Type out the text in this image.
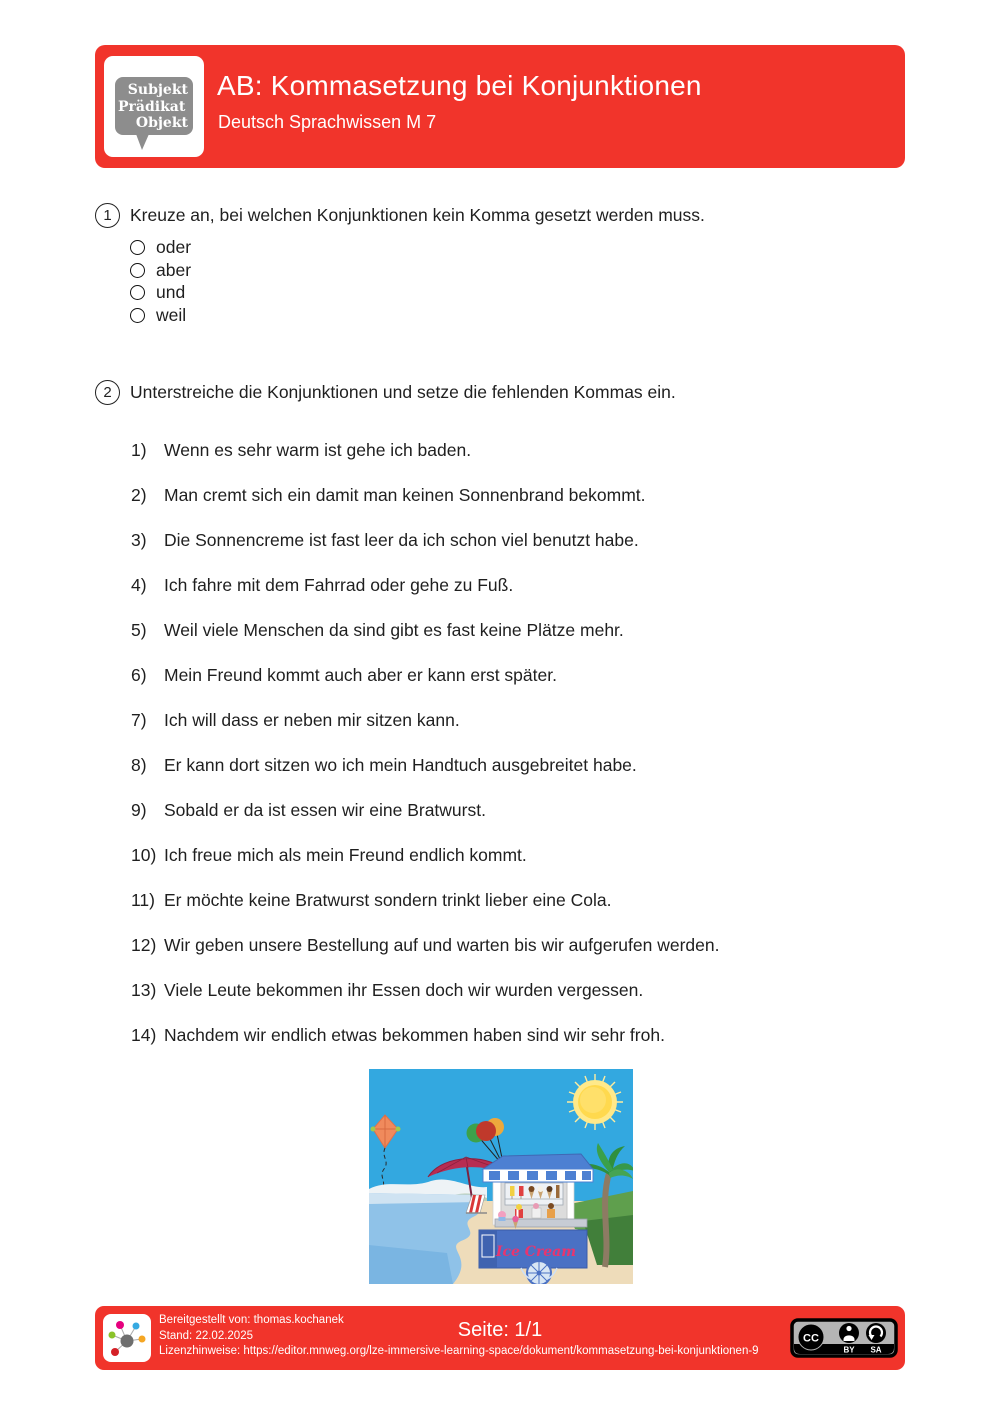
Subjekt
Prädikat
Objekt
AB: Kommasetzung bei Konjunktionen
Deutsch Sprachwissen M 7
1	Kreuze an, bei welchen Konjunktionen kein Komma gesetzt werden muss.
oder
aber
und
weil
2	Unterstreiche die Konjunktionen und setze die fehlenden Kommas ein.
1) Wenn es sehr warm ist gehe ich baden.
2) Man cremt sich ein damit man keinen Sonnenbrand bekommt.
3) Die Sonnencreme ist fast leer da ich schon viel benutzt habe.
4) Ich fahre mit dem Fahrrad oder gehe zu Fuß.
5) Weil viele Menschen da sind gibt es fast keine Plätze mehr.
6) Mein Freund kommt auch aber er kann erst später.
7) Ich will dass er neben mir sitzen kann.
8) Er kann dort sitzen wo ich mein Handtuch ausgebreitet habe.
9) Sobald er da ist essen wir eine Bratwurst.
10) Ich freue mich als mein Freund endlich kommt.
11) Er möchte keine Bratwurst sondern trinkt lieber eine Cola.
12) Wir geben unsere Bestellung auf und warten bis wir aufgerufen werden.
13) Viele Leute bekommen ihr Essen doch wir wurden vergessen.
14) Nachdem wir endlich etwas bekommen haben sind wir sehr froh.
Ice Cream
Bereitgestellt von: thomas.kochanek
Stand: 22.02.2025
Lizenzhinweise: https://editor.mnweg.org/lze-immersive-learning-space/dokument/kommasetzung-bei-konjunktionen-9
Seite: 1/1	CC
BY SA
